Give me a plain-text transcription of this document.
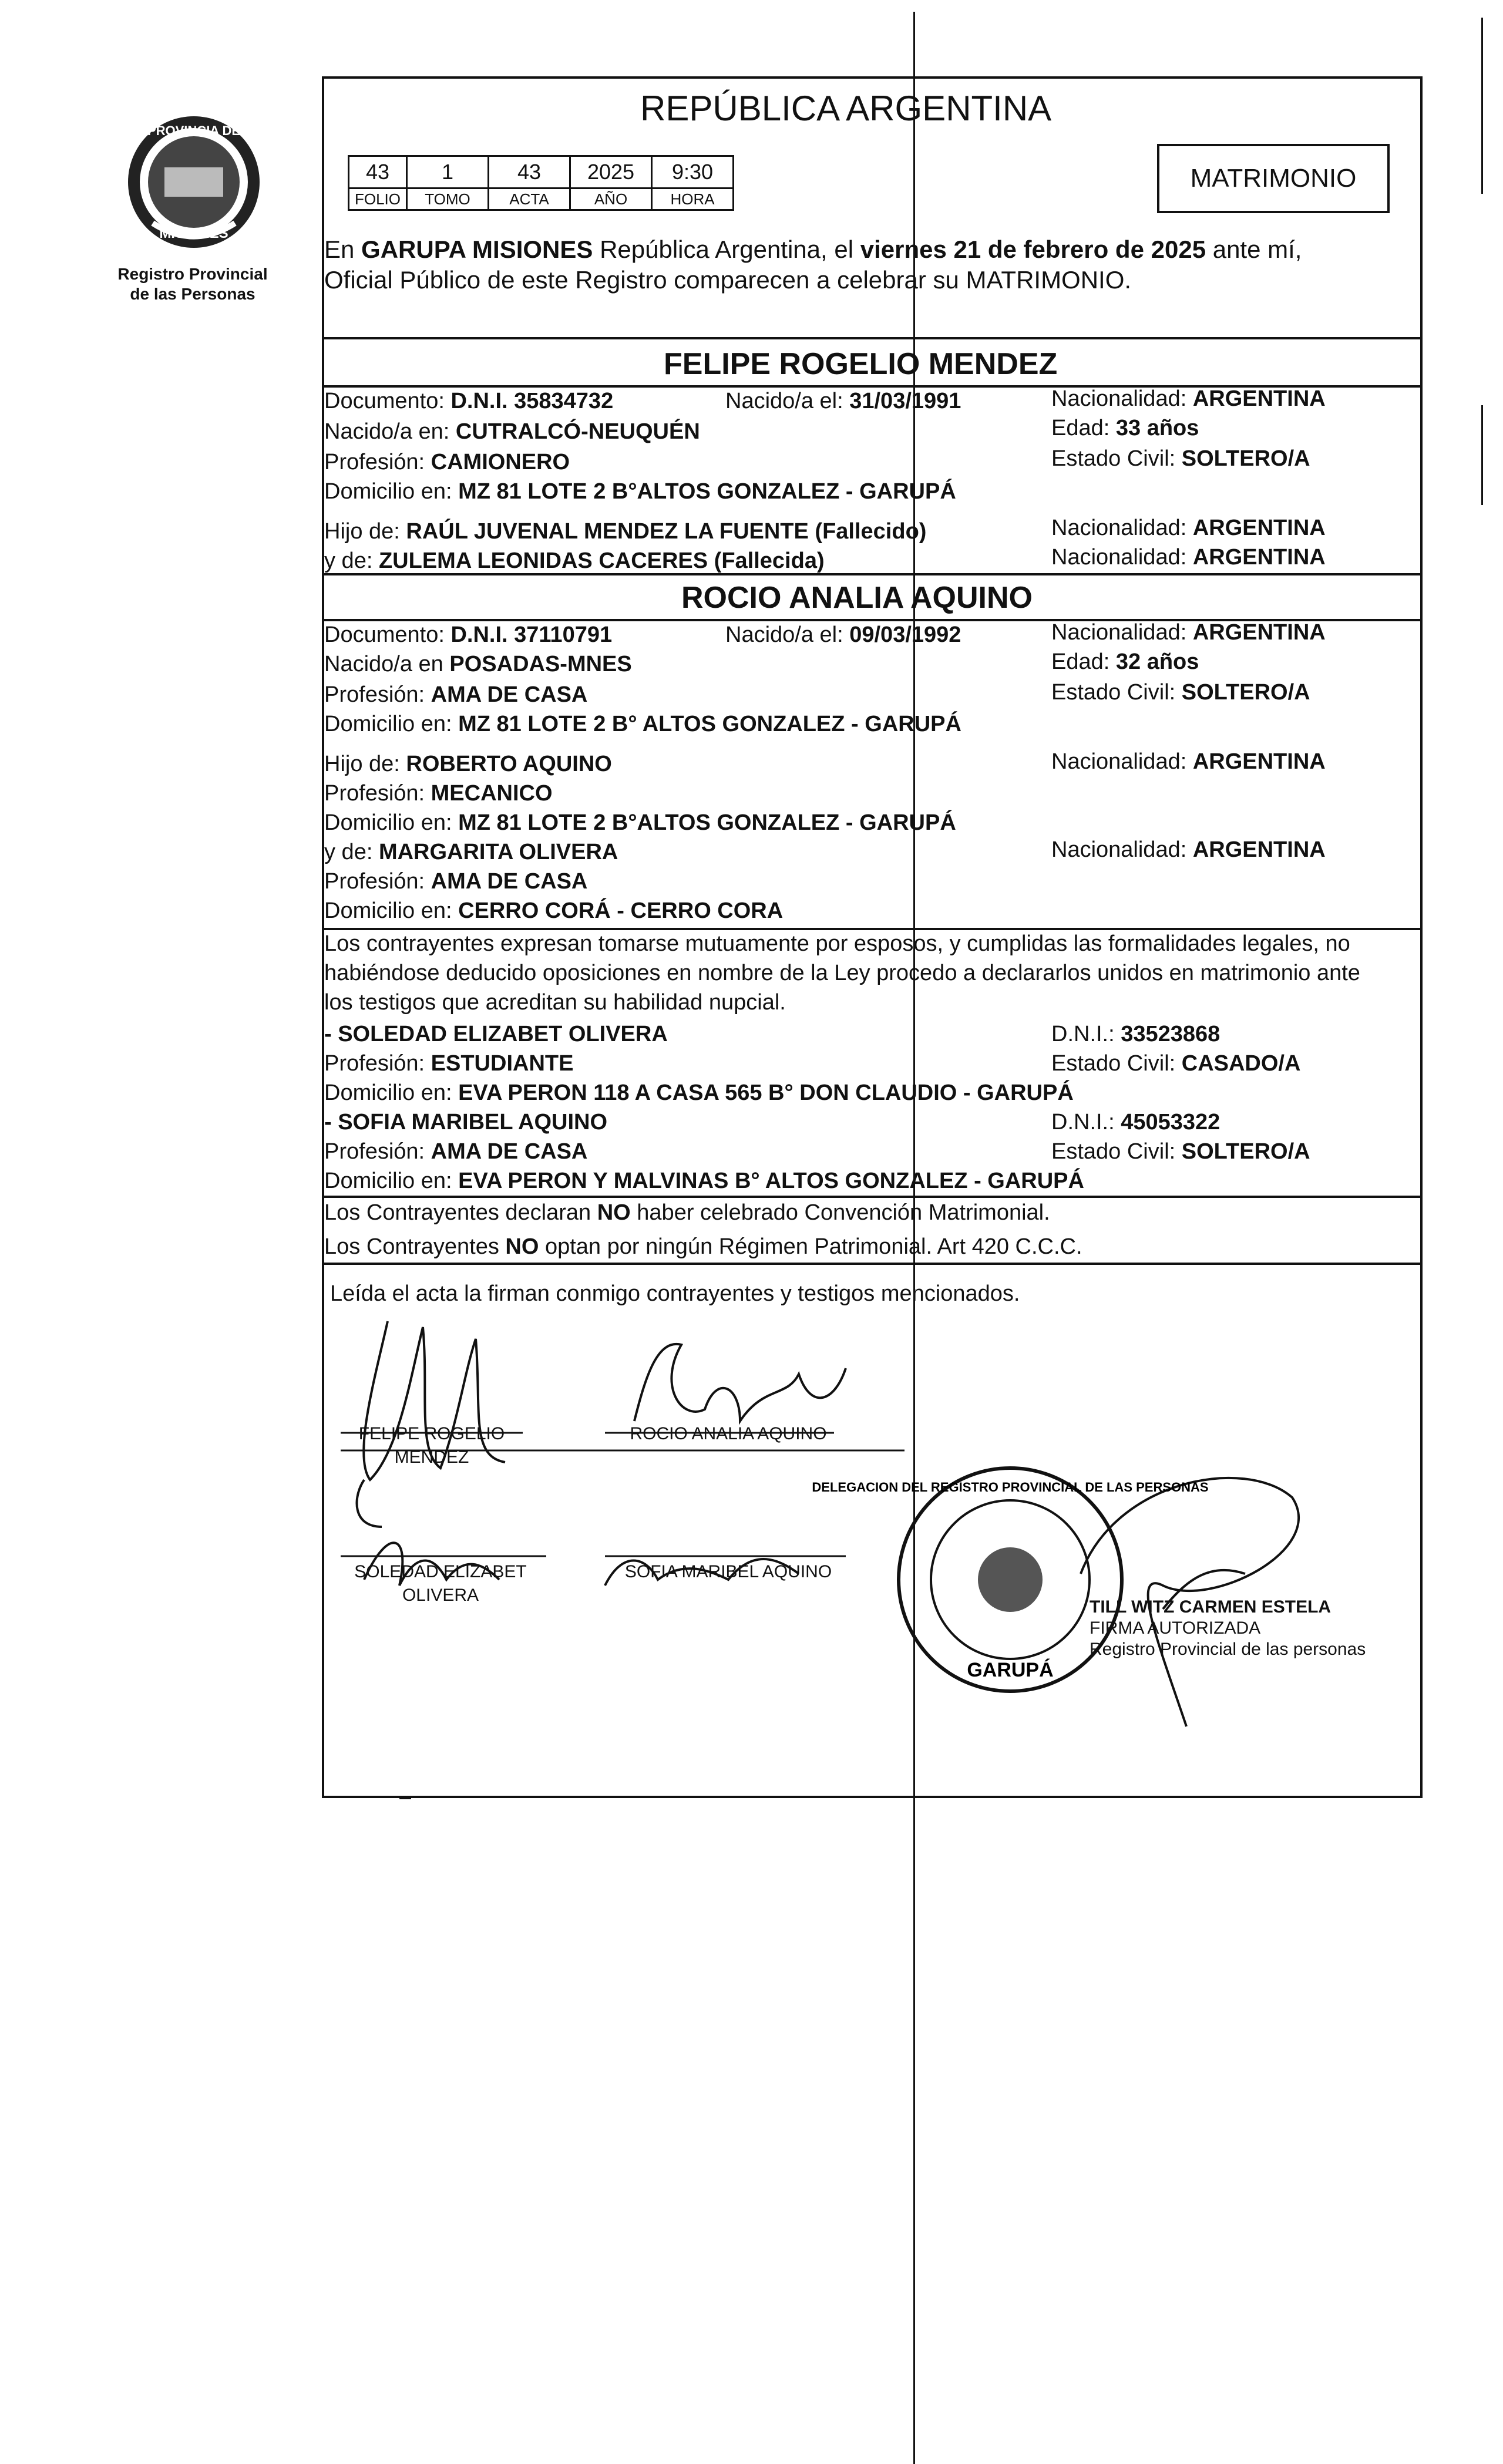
PROVINCIA DE
MISIONES
Registro Provincial
de las Personas
REPÚBLICA ARGENTINA
MATRIMONIO
43	1	43	2025	9:30
FOLIO	TOMO	ACTA	AÑO	HORA
En GARUPA MISIONES República Argentina, el viernes 21 de febrero de 2025 ante mí,
Oficial Público de este Registro comparecen a celebrar su MATRIMONIO.
FELIPE ROGELIO MENDEZ
Documento: D.N.I. 35834732	Nacido/a el: 31/03/1991	Nacionalidad: ARGENTINA
Nacido/a en: CUTRALCÓ-NEUQUÉN	Edad: 33 años
Profesión: CAMIONERO	Estado Civil: SOLTERO/A
Domicilio en: MZ 81 LOTE 2 B°ALTOS GONZALEZ - GARUPÁ
Hijo de: RAÚL JUVENAL MENDEZ LA FUENTE (Fallecido)	Nacionalidad: ARGENTINA
y de: ZULEMA LEONIDAS CACERES (Fallecida)	Nacionalidad: ARGENTINA
ROCIO ANALIA AQUINO
Documento: D.N.I. 37110791	Nacido/a el: 09/03/1992	Nacionalidad: ARGENTINA
Nacido/a en POSADAS-MNES	Edad: 32 años
Profesión: AMA DE CASA	Estado Civil: SOLTERO/A
Domicilio en: MZ 81 LOTE 2 B° ALTOS GONZALEZ - GARUPÁ
Hijo de: ROBERTO AQUINO	Nacionalidad: ARGENTINA
Profesión: MECANICO
Domicilio en: MZ 81 LOTE 2 B°ALTOS GONZALEZ - GARUPÁ
y de: MARGARITA OLIVERA	Nacionalidad: ARGENTINA
Profesión: AMA DE CASA
Domicilio en: CERRO CORÁ - CERRO CORA
Los contrayentes expresan tomarse mutuamente por esposos, y cumplidas las formalidades legales, no
habiéndose deducido oposiciones en nombre de la Ley procedo a declararlos unidos en matrimonio ante
los testigos que acreditan su habilidad nupcial.
- SOLEDAD ELIZABET OLIVERA	D.N.I.: 33523868
Profesión: ESTUDIANTE	Estado Civil: CASADO/A
Domicilio en: EVA PERON 118 A CASA 565 B° DON CLAUDIO - GARUPÁ
- SOFIA MARIBEL AQUINO	D.N.I.: 45053322
Profesión: AMA DE CASA	Estado Civil: SOLTERO/A
Domicilio en: EVA PERON Y MALVINAS B° ALTOS GONZALEZ - GARUPÁ
Los Contrayentes declaran NO haber celebrado Convención Matrimonial.
Los Contrayentes NO optan por ningún Régimen Patrimonial. Art 420 C.C.C.
Leída el acta la firman conmigo contrayentes y testigos mencionados.
GARUPÁ
DELEGACION DEL REGISTRO PROVINCIAL DE LAS PERSONAS
FELIPE ROGELIO
MENDEZ
ROCIO ANALIA AQUINO
SOLEDAD ELIZABET
OLIVERA
SOFIA MARIBEL AQUINO
TILL WITZ CARMEN ESTELA
FIRMA AUTORIZADA
Registro Provincial de las personas
